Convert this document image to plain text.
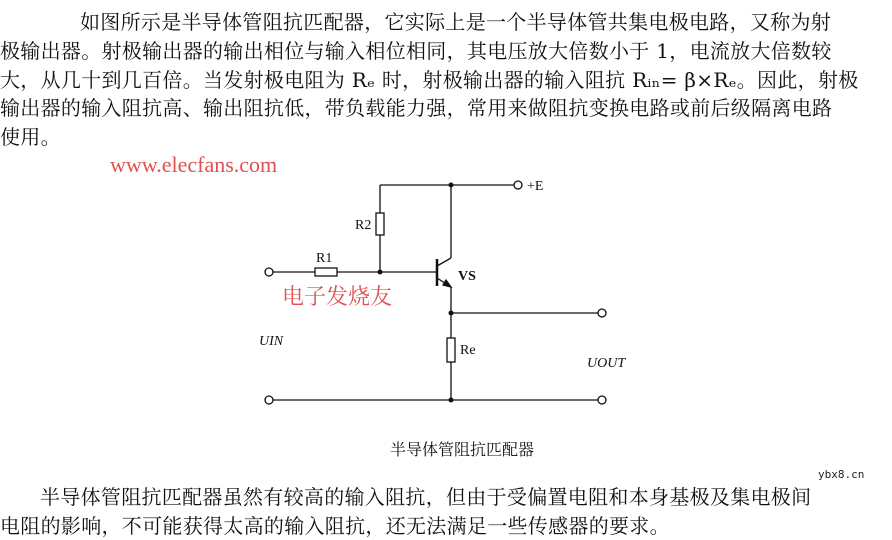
如图所示是半导体管阻抗匹配器，它实际上是一个半导体管共集电极电路，又称为射
极输出器。射极输出器的输出相位与输入相位相同，其电压放大倍数小于 1，电流放大倍数较
大，从几十到几百倍。当发射极电阻为 Rₑ 时，射极输出器的输入阻抗 Rᵢₙ= β×Rₑ。因此，射极
输出器的输入阻抗高、输出阻抗低，带负载能力强，常用来做阻抗变换电路或前后级隔离电路
使用。
www.elecfans.com
+E
R2
R1
VS
Re
UIN
UOUT
电子发烧友
半导体管阻抗匹配器
半导体管阻抗匹配器虽然有较高的输入阻抗，但由于受偏置电阻和本身基极及集电极间
电阻的影响，不可能获得太高的输入阻抗，还无法满足一些传感器的要求。
ybx8.cn
